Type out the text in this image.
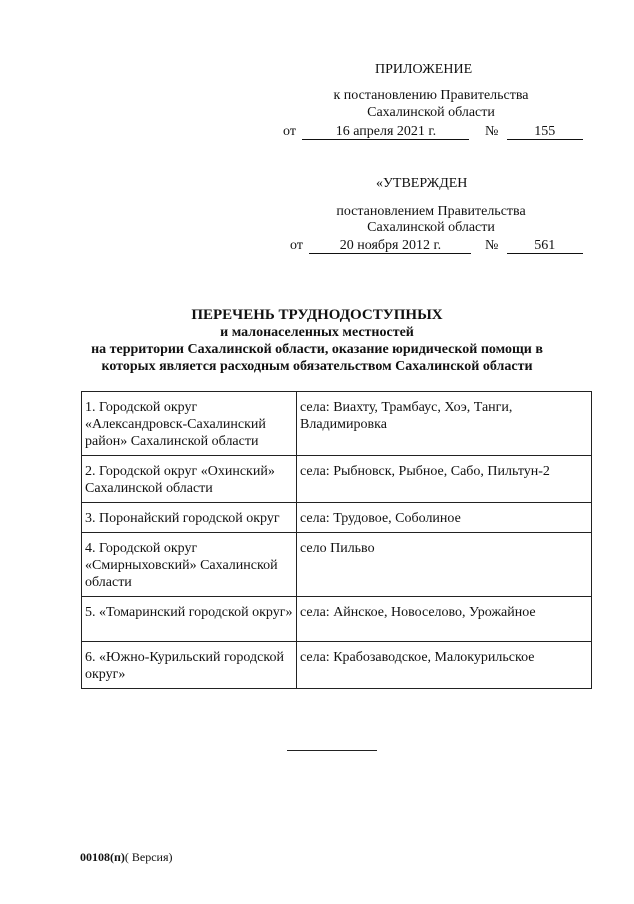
ПРИЛОЖЕНИЕ
к постановлению Правительства
Сахалинской области
от	16 апреля 2021 г.	№	155
«УТВЕРЖДЕН
постановлением Правительства
Сахалинской области
от	20 ноября 2012 г.	№	561
ПЕРЕЧЕНЬ ТРУДНОДОСТУПНЫХ
и малонаселенных местностей
на территории Сахалинской области, оказание юридической помощи в
которых является расходным обязательством Сахалинской области
1. Городской округ «Александровск-Сахалинский район» Сахалинской области	села: Виахту, Трамбаус, Хоэ, Танги, Владимировка
2. Городской округ «Охинский» Сахалинской области	села: Рыбновск, Рыбное, Сабо, Пильтун-2
3. Поронайский городской округ	села: Трудовое, Соболиное
4. Городской округ «Смирныховский» Сахалинской области	село Пильво
5. «Томаринский городской округ»	села: Айнское, Новоселово, Урожайное
6. «Южно-Курильский городской округ»	села: Крабозаводское, Малокурильское
00108(п)( Версия)
